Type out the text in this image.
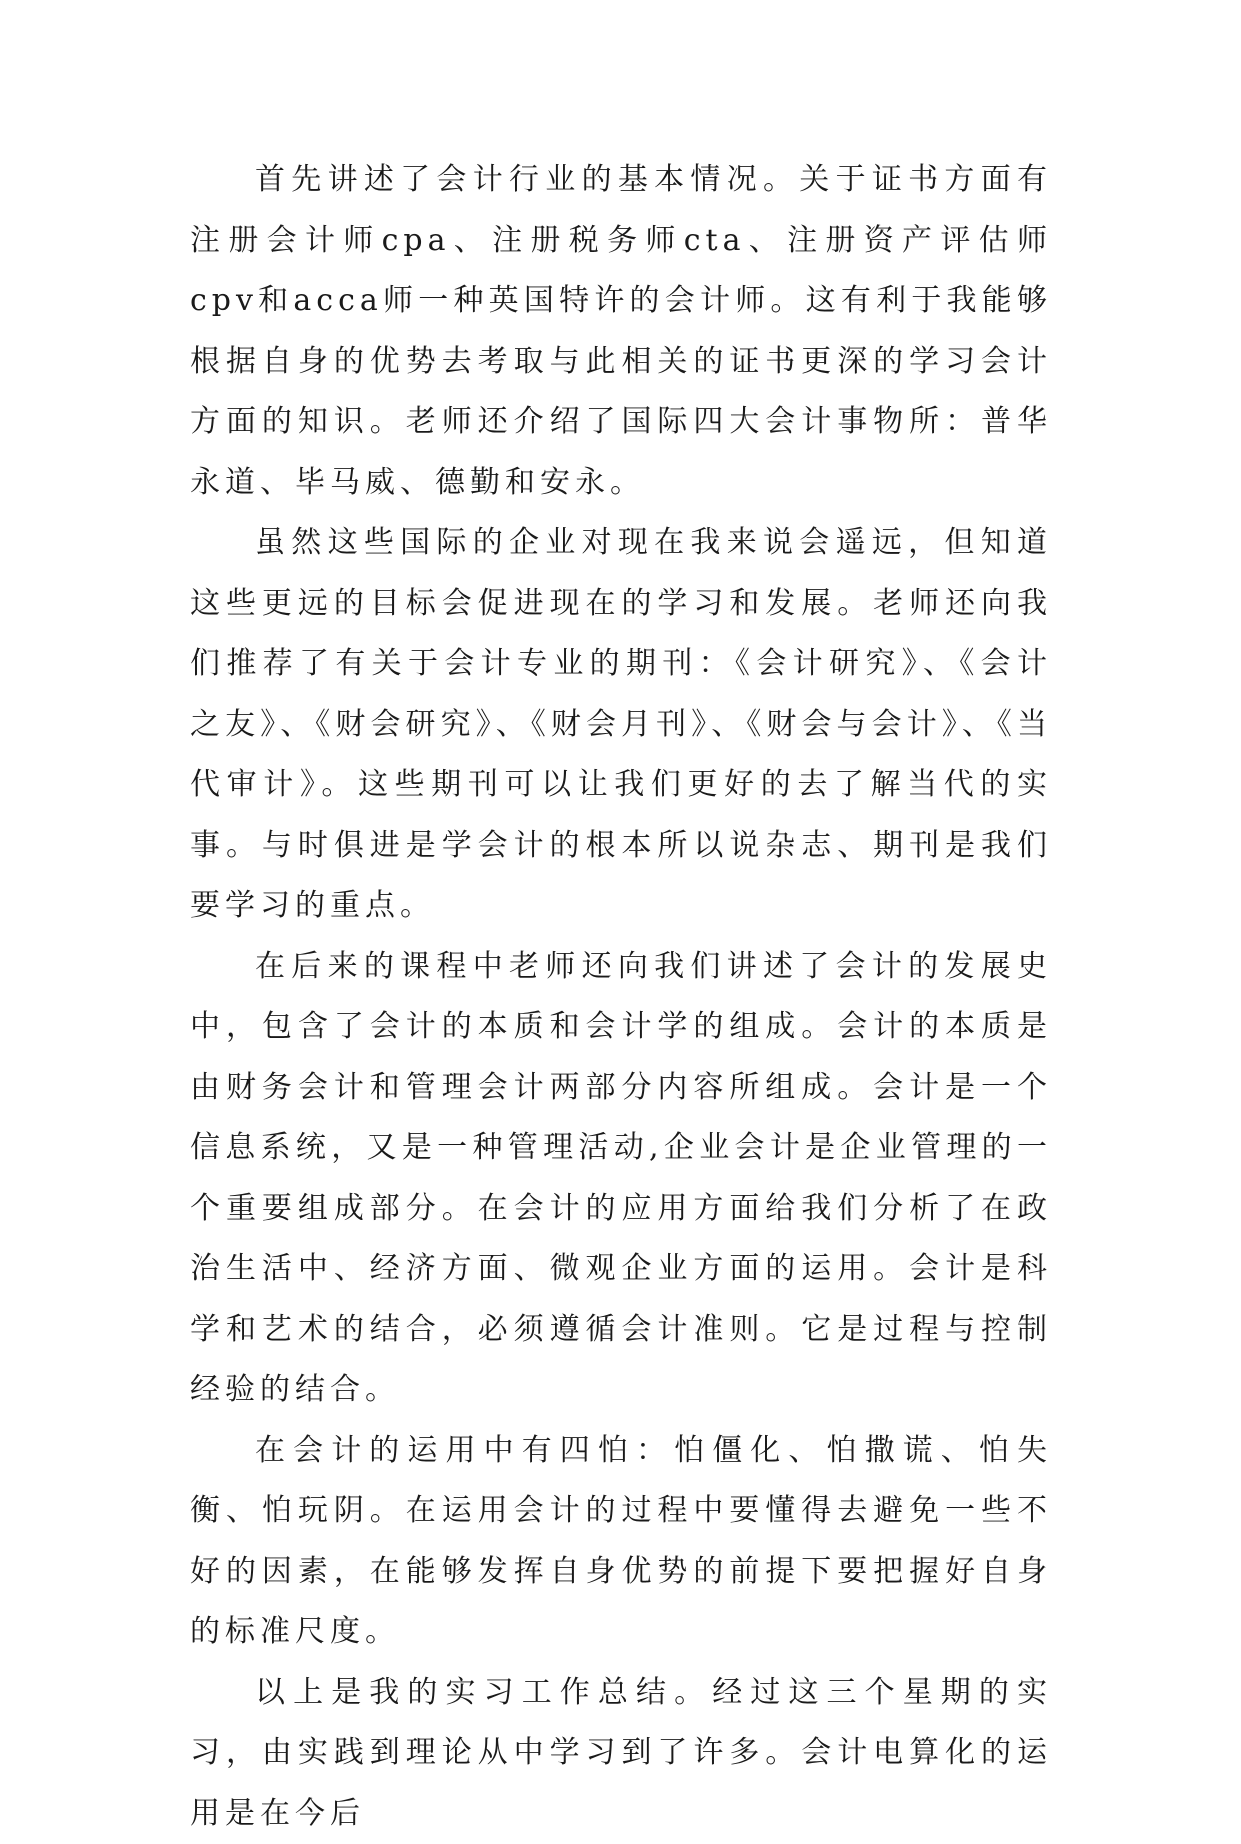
首先讲述了会计行业的基本情况。关于证书方面有注册会计师cpa、注册税务师cta、注册资产评估师cpv和acca师一种英国特许的会计师。这有利于我能够根据自身的优势去考取与此相关的证书更深的学习会计方面的知识。老师还介绍了国际四大会计事物所：普华永道、毕马威、德勤和安永。

虽然这些国际的企业对现在我来说会遥远，但知道这些更远的目标会促进现在的学习和发展。老师还向我们推荐了有关于会计专业的期刊：《会计研究》、《会计之友》、《财会研究》、《财会月刊》、《财会与会计》、《当代审计》。这些期刊可以让我们更好的去了解当代的实事。与时俱进是学会计的根本所以说杂志、期刊是我们要学习的重点。

在后来的课程中老师还向我们讲述了会计的发展史中，包含了会计的本质和会计学的组成。会计的本质是由财务会计和管理会计两部分内容所组成。会计是一个信息系统，又是一种管理活动,企业会计是企业管理的一个重要组成部分。在会计的应用方面给我们分析了在政治生活中、经济方面、微观企业方面的运用。会计是科学和艺术的结合，必须遵循会计准则。它是过程与控制经验的结合。

在会计的运用中有四怕：怕僵化、怕撒谎、怕失衡、怕玩阴。在运用会计的过程中要懂得去避免一些不好的因素，在能够发挥自身优势的前提下要把握好自身的标准尺度。

以上是我的实习工作总结。经过这三个星期的实习，由实践到理论从中学习到了许多。会计电算化的运用是在今后
